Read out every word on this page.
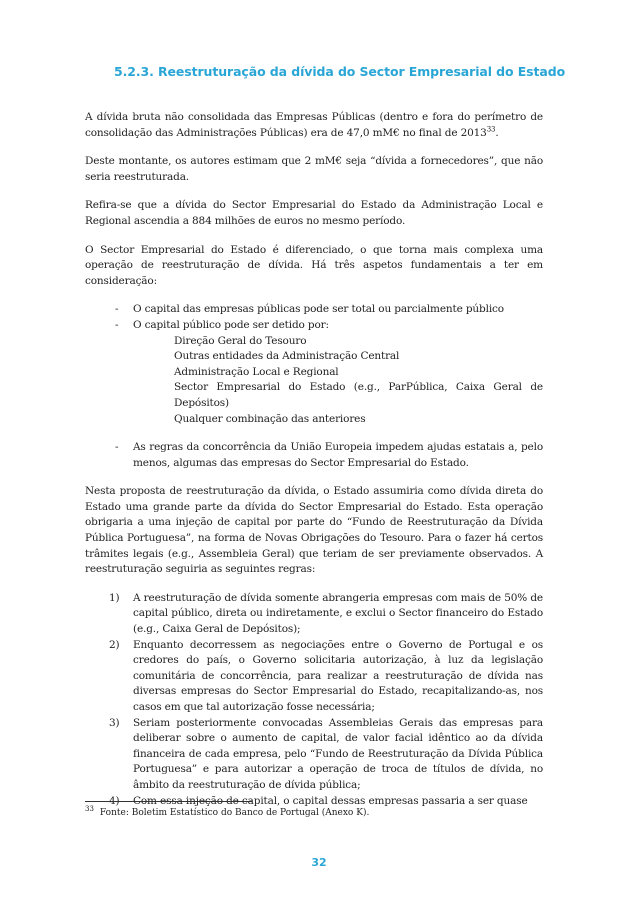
5.2.3. Reestruturação da dívida do Sector Empresarial do Estado

A dívida bruta não consolidada das Empresas Públicas (dentro e fora do perímetro de consolidação das Administrações Públicas) era de 47,0 mM€ no final de 2013$^{33}$.

Deste montante, os autores estimam que 2 mM€ seja “dívida a fornecedores”, que não seria reestruturada.

Refira-se que a dívida do Sector Empresarial do Estado da Administração Local e Regional ascendia a 884 milhões de euros no mesmo período.

O Sector Empresarial do Estado é diferenciado, o que torna mais complexa uma operação de reestruturação de dívida. Há três aspetos fundamentais a ter em consideração:

- O capital das empresas públicas pode ser total ou parcialmente público
- O capital público pode ser detido por:
Direção Geral do Tesouro
Outras entidades da Administração Central
Administração Local e Regional
Sector Empresarial do Estado (e.g., ParPública, Caixa Geral de Depósitos)
Qualquer combinação das anteriores
- As regras da concorrência da União Europeia impedem ajudas estatais a, pelo menos, algumas das empresas do Sector Empresarial do Estado.

Nesta proposta de reestruturação da dívida, o Estado assumiria como dívida direta do Estado uma grande parte da dívida do Sector Empresarial do Estado. Esta operação obrigaria a uma injeção de capital por parte do “Fundo de Reestruturação da Dívida Pública Portuguesa”, na forma de Novas Obrigações do Tesouro. Para o fazer há certos trâmites legais (e.g., Assembleia Geral) que teriam de ser previamente observados. A reestruturação seguiria as seguintes regras:

1) A reestruturação de dívida somente abrangeria empresas com mais de 50% de capital público, direta ou indiretamente, e exclui o Sector financeiro do Estado (e.g., Caixa Geral de Depósitos);
2) Enquanto decorressem as negociações entre o Governo de Portugal e os credores do país, o Governo solicitaria autorização, à luz da legislação comunitária de concorrência, para realizar a reestruturação de dívida nas diversas empresas do Sector Empresarial do Estado, recapitalizando-as, nos casos em que tal autorização fosse necessária;
3) Seriam posteriormente convocadas Assembleias Gerais das empresas para deliberar sobre o aumento de capital, de valor facial idêntico ao da dívida financeira de cada empresa, pelo “Fundo de Reestruturação da Dívida Pública Portuguesa” e para autorizar a operação de troca de títulos de dívida, no âmbito da reestruturação de dívida pública;
4) Com essa injeção de capital, o capital dessas empresas passaria a ser quase
$^{33}$ Fonte: Boletim Estatístico do Banco de Portugal (Anexo K).
32
